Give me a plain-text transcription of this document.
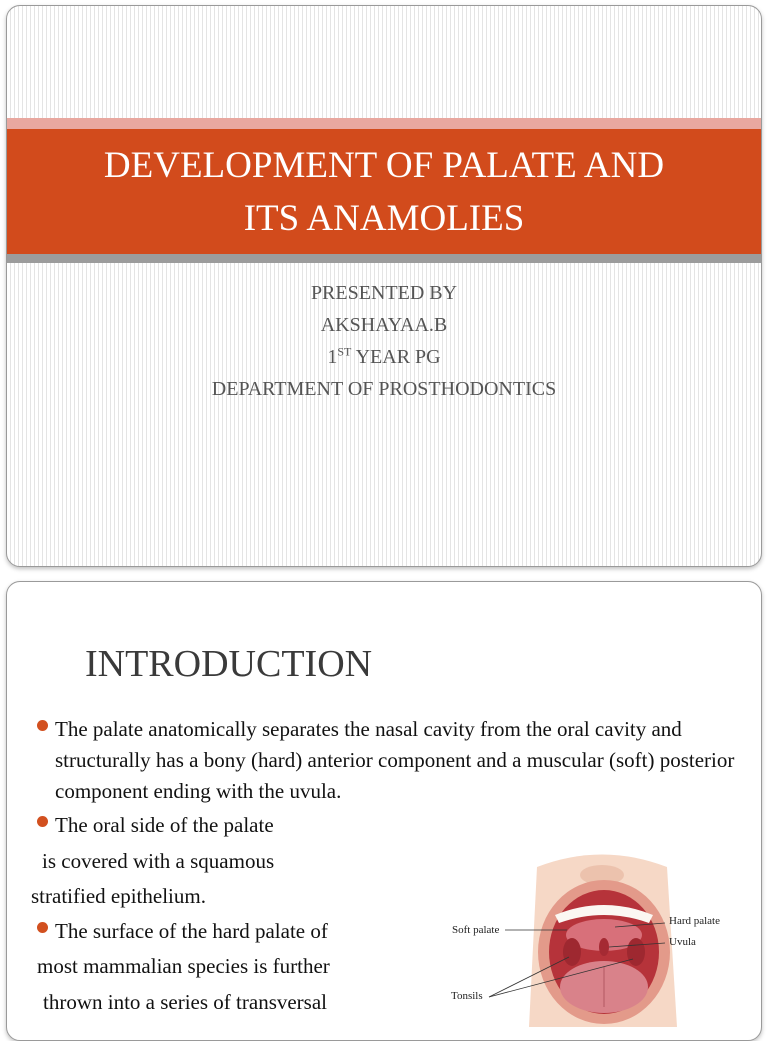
DEVELOPMENT OF PALATE AND
ITS ANAMOLIES
PRESENTED BY
AKSHAYAA.B
1ST YEAR PG
DEPARTMENT OF PROSTHODONTICS
INTRODUCTION
The palate anatomically separates the nasal cavity from the oral cavity and structurally has a bony (hard) anterior component and a muscular (soft) posterior component ending with the uvula.
The oral side of the palate
is covered with a squamous
stratified epithelium.
The surface of the hard palate of
most mammalian species is further
thrown into a series of transversal
Soft palate
Hard palate
Uvula
Tonsils
